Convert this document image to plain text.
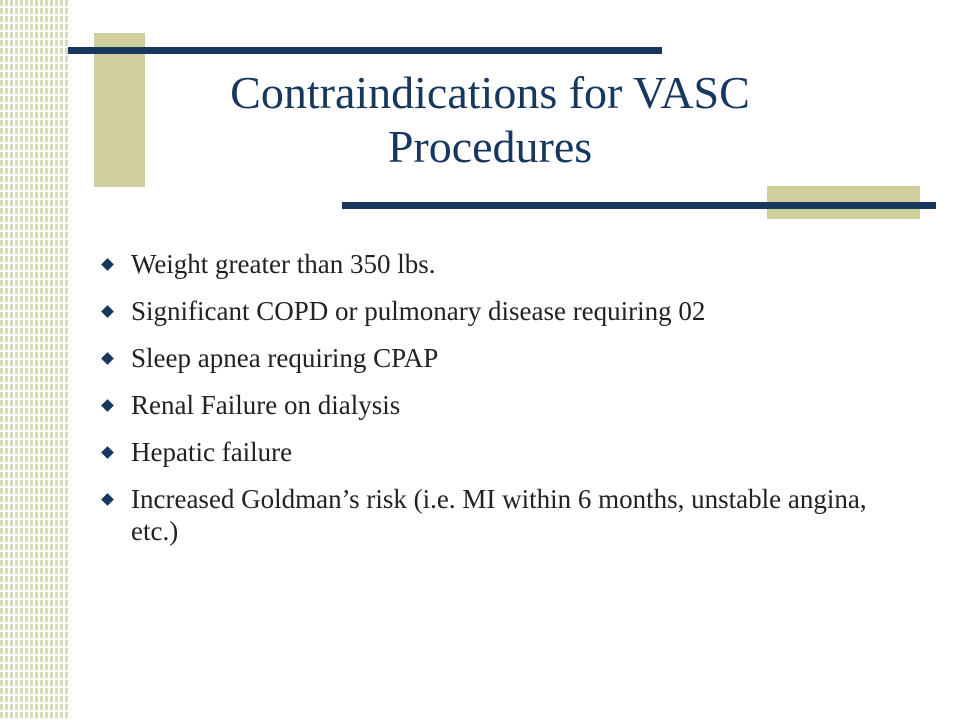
Contraindications for VASC Procedures
Weight greater than 350 lbs.
Significant COPD or pulmonary disease requiring 02
Sleep apnea requiring CPAP
Renal Failure on dialysis
Hepatic failure
Increased Goldman’s risk (i.e. MI within 6 months, unstable angina, etc.)
